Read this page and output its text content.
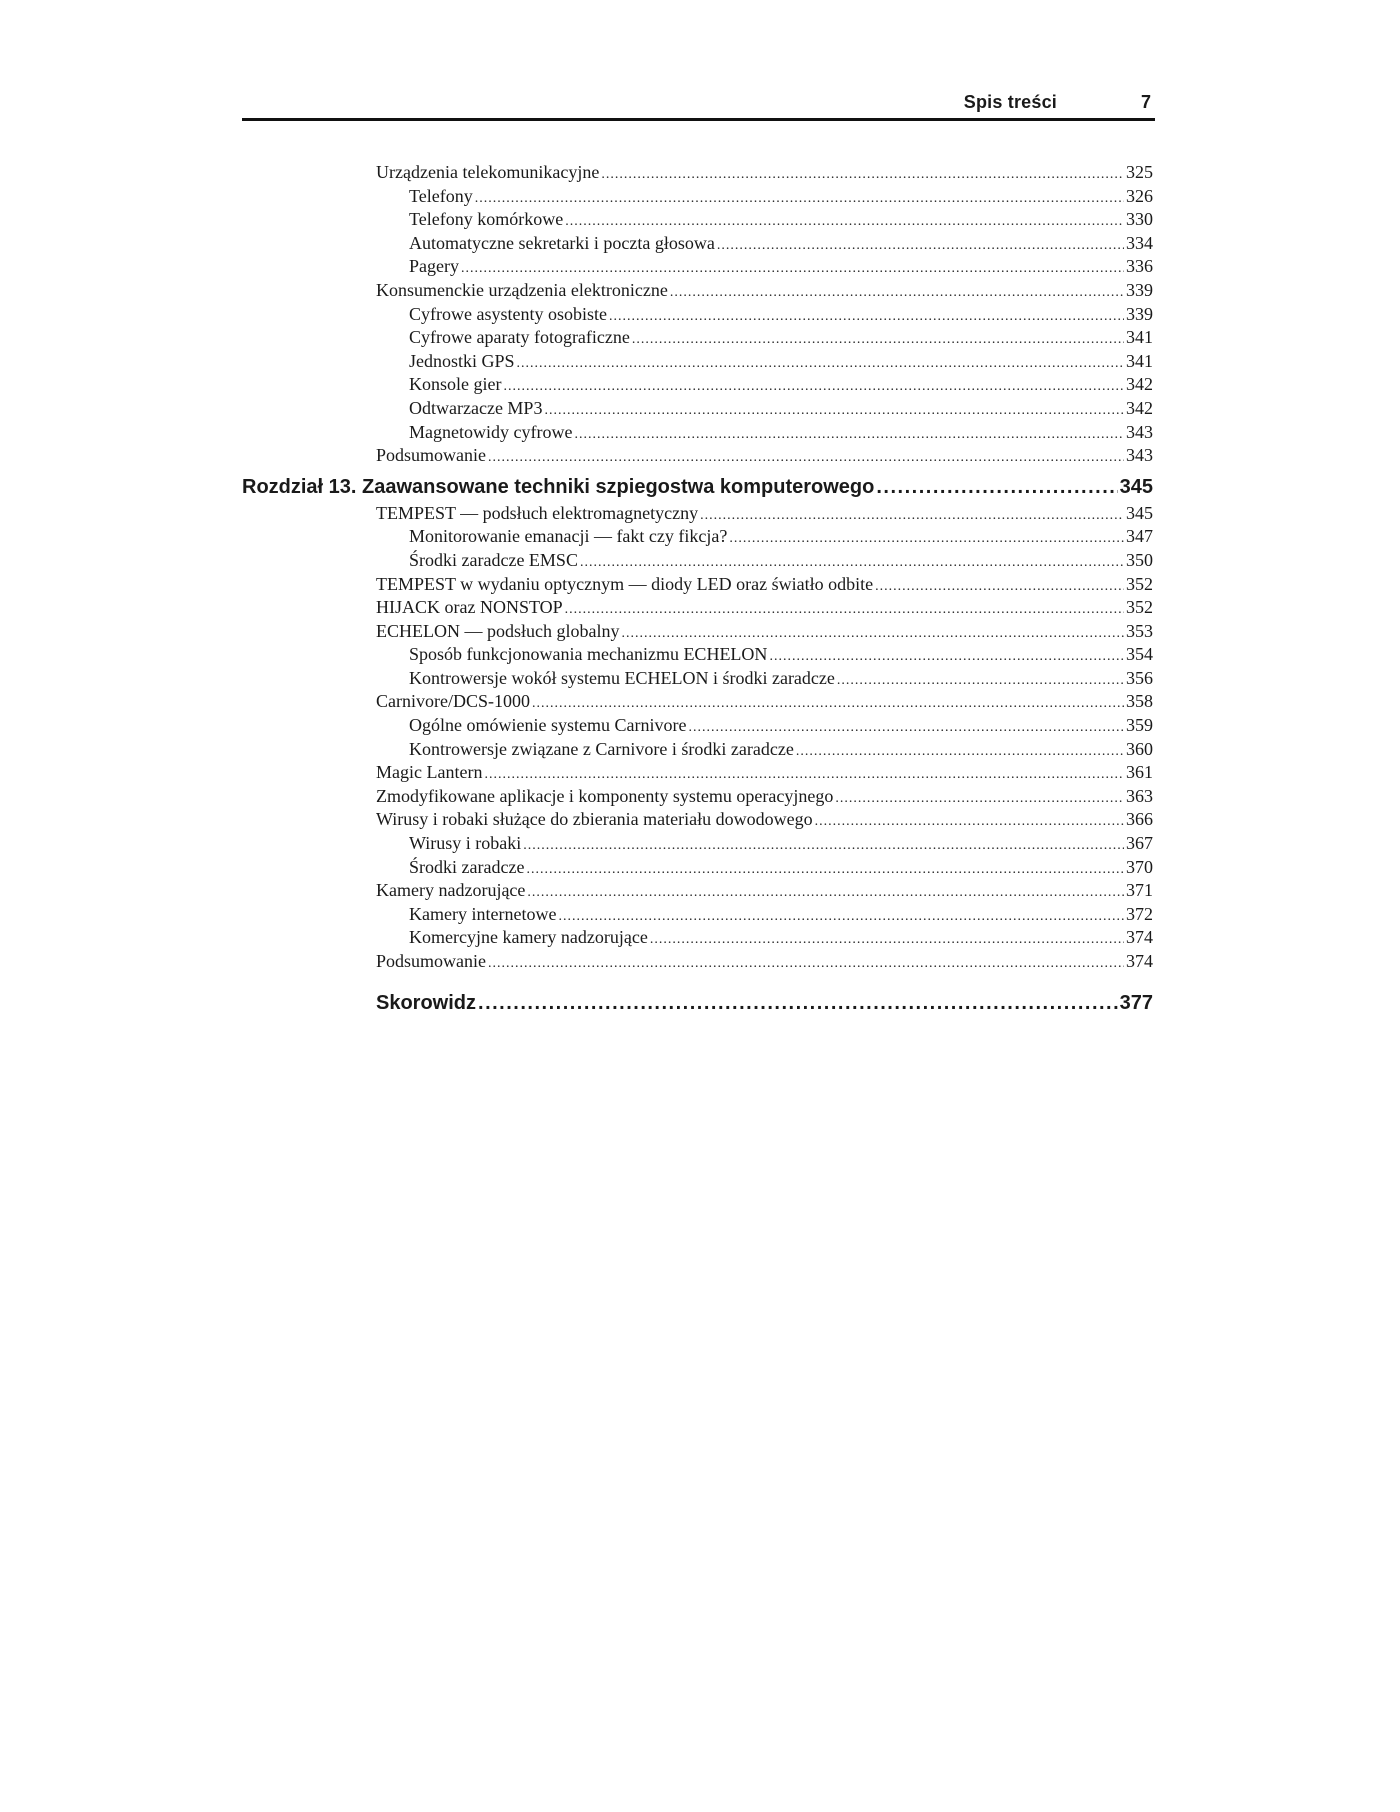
Spis treści	7
Urządzenia telekomunikacyjne .....	325
Telefony .....	326
Telefony komórkowe .....	330
Automatyczne sekretarki i poczta głosowa .....	334
Pagery .....	336
Konsumenckie urządzenia elektroniczne .....	339
Cyfrowe asystenty osobiste .....	339
Cyfrowe aparaty fotograficzne .....	341
Jednostki GPS .....	341
Konsole gier .....	342
Odtwarzacze MP3 .....	342
Magnetowidy cyfrowe .....	343
Podsumowanie .....	343
Rozdział 13. Zaawansowane techniki szpiegostwa komputerowego .....	345
TEMPEST — podsłuch elektromagnetyczny .....	345
Monitorowanie emanacji — fakt czy fikcja? .....	347
Środki zaradcze EMSC .....	350
TEMPEST w wydaniu optycznym — diody LED oraz światło odbite .....	352
HIJACK oraz NONSTOP .....	352
ECHELON — podsłuch globalny .....	353
Sposób funkcjonowania mechanizmu ECHELON .....	354
Kontrowersje wokół systemu ECHELON i środki zaradcze .....	356
Carnivore/DCS-1000 .....	358
Ogólne omówienie systemu Carnivore .....	359
Kontrowersje związane z Carnivore i środki zaradcze .....	360
Magic Lantern .....	361
Zmodyfikowane aplikacje i komponenty systemu operacyjnego .....	363
Wirusy i robaki służące do zbierania materiału dowodowego .....	366
Wirusy i robaki .....	367
Środki zaradcze .....	370
Kamery nadzorujące .....	371
Kamery internetowe .....	372
Komercyjne kamery nadzorujące .....	374
Podsumowanie .....	374
Skorowidz .....	377
